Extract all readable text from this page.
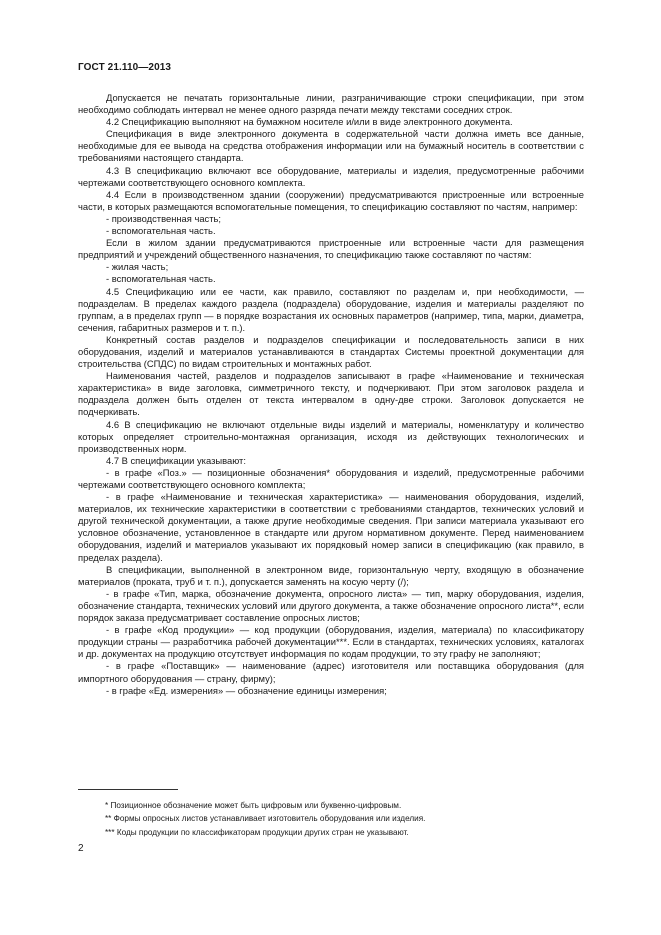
ГОСТ 21.110—2013

Допускается не печатать горизонтальные линии, разграничивающие строки спецификации, при этом необходимо соблюдать интервал не менее одного разряда печати между текстами соседних строк.

4.2 Спецификацию выполняют на бумажном носителе и/или в виде электронного документа.

Спецификация в виде электронного документа в содержательной части должна иметь все данные, необходимые для ее вывода на средства отображения информации или на бумажный носитель в соответствии с требованиями настоящего стандарта.

4.3 В спецификацию включают все оборудование, материалы и изделия, предусмотренные рабочими чертежами соответствующего основного комплекта.

4.4 Если в производственном здании (сооружении) предусматриваются пристроенные или встроенные части, в которых размещаются вспомогательные помещения, то спецификацию составляют по частям, например:

- производственная часть;

- вспомогательная часть.

Если в жилом здании предусматриваются пристроенные или встроенные части для размещения предприятий и учреждений общественного назначения, то спецификацию также составляют по частям:

- жилая часть;

- вспомогательная часть.

4.5 Спецификацию или ее части, как правило, составляют по разделам и, при необходимости, — подразделам. В пределах каждого раздела (подраздела) оборудование, изделия и материалы разделяют по группам, а в пределах групп — в порядке возрастания их основных параметров (например, типа, марки, диаметра, сечения, габаритных размеров и т. п.).

Конкретный состав разделов и подразделов спецификации и последовательность записи в них оборудования, изделий и материалов устанавливаются в стандартах Системы проектной документации для строительства (СПДС) по видам строительных и монтажных работ.

Наименования частей, разделов и подразделов записывают в графе «Наименование и техническая характеристика» в виде заголовка, симметричного тексту, и подчеркивают. При этом заголовок раздела и подраздела должен быть отделен от текста интервалом в одну-две строки. Заголовок допускается не подчеркивать.

4.6 В спецификацию не включают отдельные виды изделий и материалы, номенклатуру и количество которых определяет строительно-монтажная организация, исходя из действующих технологических и производственных норм.

4.7 В спецификации указывают:

- в графе «Поз.» — позиционные обозначения* оборудования и изделий, предусмотренные рабочими чертежами соответствующего основного комплекта;

- в графе «Наименование и техническая характеристика» — наименования оборудования, изделий, материалов, их технические характеристики в соответствии с требованиями стандартов, технических условий и другой технической документации, а также другие необходимые сведения. При записи материала указывают его условное обозначение, установленное в стандарте или другом нормативном документе. Перед наименованием оборудования, изделий и материалов указывают их порядковый номер записи в спецификацию (как правило, в пределах раздела).

В спецификации, выполненной в электронном виде, горизонтальную черту, входящую в обозначение материалов (проката, труб и т. п.), допускается заменять на косую черту (/);

- в графе «Тип, марка, обозначение документа, опросного листа» — тип, марку оборудования, изделия, обозначение стандарта, технических условий или другого документа, а также обозначение опросного листа**, если порядок заказа предусматривает составление опросных листов;

- в графе «Код продукции» — код продукции (оборудования, изделия, материала) по классификатору продукции страны — разработчика рабочей документации***. Если в стандартах, технических условиях, каталогах и др. документах на продукцию отсутствует информация по кодам продукции, то эту графу не заполняют;

- в графе «Поставщик» — наименование (адрес) изготовителя или поставщика оборудования (для импортного оборудования — страну, фирму);

- в графе «Ед. измерения» — обозначение единицы измерения;

* Позиционное обозначение может быть цифровым или буквенно-цифровым.
** Формы опросных листов устанавливает изготовитель оборудования или изделия.
*** Коды продукции по классификаторам продукции других стран не указывают.
2
